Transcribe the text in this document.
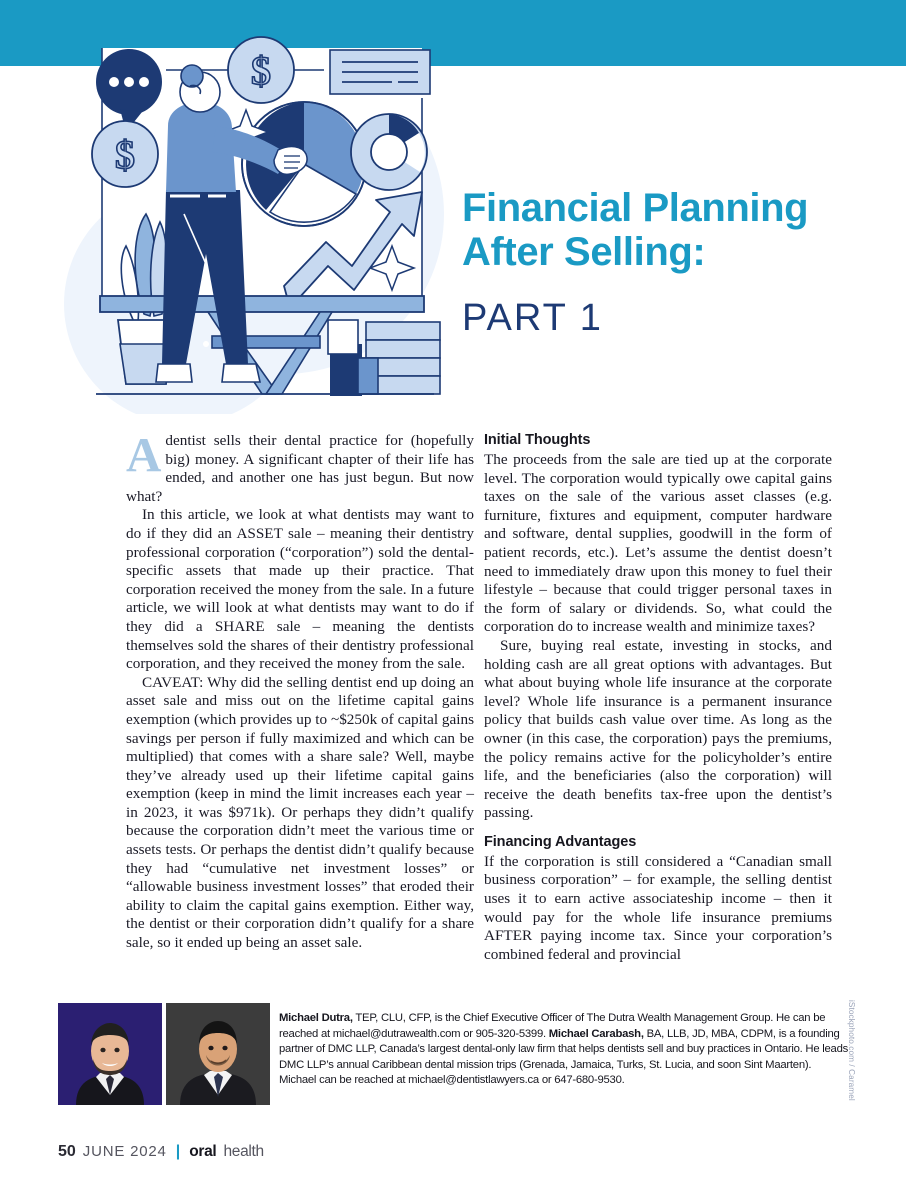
$
$
Financial Planning
After Selling:
PART 1

Adentist sells their dental practice for (hopefully big) money. A significant chapter of their life has ended, and another one has just begun. But now what?

In this article, we look at what dentists may want to do if they did an ASSET sale – meaning their dentistry professional corporation (“corporation”) sold the dental-specific assets that made up their practice. That corporation received the money from the sale. In a future article, we will look at what dentists may want to do if they did a SHARE sale – meaning the dentists themselves sold the shares of their dentistry professional corporation, and they received the money from the sale.

CAVEAT: Why did the selling dentist end up doing an asset sale and miss out on the lifetime capital gains exemption (which provides up to ~$250k of capital gains savings per person if fully maximized and which can be multiplied) that comes with a share sale? Well, maybe they’ve already used up their lifetime capital gains exemption (keep in mind the limit increases each year – in 2023, it was $971k). Or perhaps they didn’t qualify because the corporation didn’t meet the various time or assets tests. Or perhaps the dentist didn’t qualify because they had “cumulative net investment losses” or “allowable business investment losses” that eroded their ability to claim the capital gains exemption. Either way, the dentist or their corporation didn’t qualify for a share sale, so it ended up being an asset sale.

Initial Thoughts

The proceeds from the sale are tied up at the corporate level. The corporation would typically owe capital gains taxes on the sale of the various asset classes (e.g. furniture, fixtures and equipment, computer hardware and software, dental supplies, goodwill in the form of patient records, etc.). Let’s assume the dentist doesn’t need to immediately draw upon this money to fuel their lifestyle – because that could trigger personal taxes in the form of salary or dividends. So, what could the corporation do to increase wealth and minimize taxes?

Sure, buying real estate, investing in stocks, and holding cash are all great options with advantages. But what about buying whole life insurance at the corporate level? Whole life insurance is a permanent insurance policy that builds cash value over time. As long as the owner (in this case, the corporation) pays the premiums, the policy remains active for the policyholder’s entire life, and the beneficiaries (also the corporation) will receive the death benefits tax-free upon the dentist’s passing.

Financing Advantages

If the corporation is still considered a “Canadian small business corporation” – for example, the selling dentist uses it to earn active associateship income – then it would pay for the whole life insurance premiums AFTER paying income tax. Since your corporation’s combined federal and provincial

Michael Dutra, TEP, CLU, CFP, is the Chief Executive Officer of The Dutra Wealth Management Group. He can be reached at michael@dutrawealth.com or 905-320-5399. Michael Carabash, BA, LLB, JD, MBA, CDPM, is a founding partner of DMC LLP, Canada’s largest dental-only law firm that helps dentists sell and buy practices in Ontario. He leads DMC LLP’s annual Caribbean dental mission trips (Grenada, Jamaica, Turks, St. Lucia, and soon Sint Maarten). Michael can be reached at michael@dentistlawyers.ca or 647-680-9530.	iStockphoto.com / Caramel
50 JUNE 2024 | oral health
